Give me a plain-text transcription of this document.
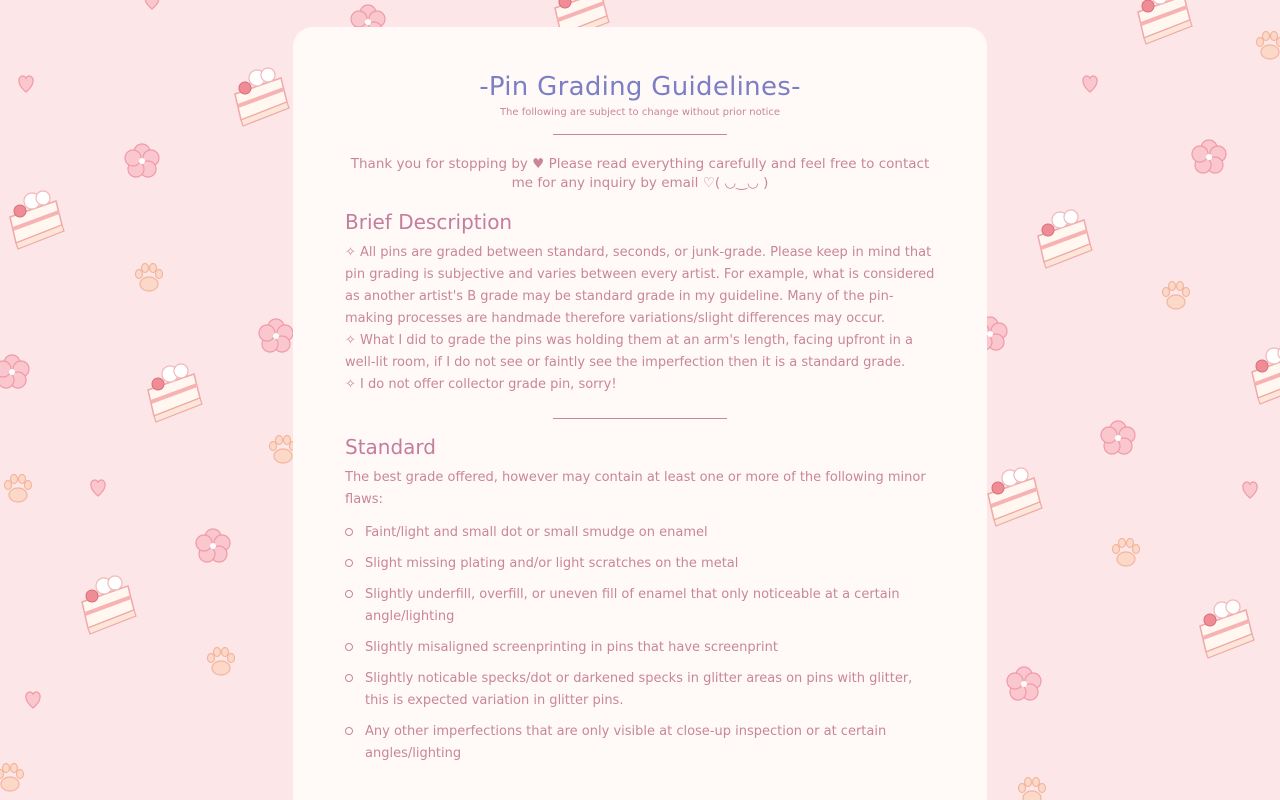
-Pin Grading Guidelines-
The following are subject to change without prior notice
Thank you for stopping by ♥ Please read everything carefully and feel free to contact me for any inquiry by email ♡( ◡‿◡ )
Brief Description
✧ All pins are graded between standard, seconds, or junk-grade. Please keep in mind that pin grading is subjective and varies between every artist. For example, what is considered as another artist's B grade may be standard grade in my guideline. Many of the pin-making processes are handmade therefore variations/slight differences may occur.
✧ What I did to grade the pins was holding them at an arm's length, facing upfront in a well-lit room, if I do not see or faintly see the imperfection then it is a standard grade.
✧ I do not offer collector grade pin, sorry!
Standard
The best grade offered, however may contain at least one or more of the following minor flaws:
Faint/light and small dot or small smudge on enamel
Slight missing plating and/or light scratches on the metal
Slightly underfill, overfill, or uneven fill of enamel that only noticeable at a certain angle/lighting
Slightly misaligned screenprinting in pins that have screenprint
Slightly noticable specks/dot or darkened specks in glitter areas on pins with glitter, this is expected variation in glitter pins.
Any other imperfections that are only visible at close-up inspection or at certain angles/lighting
